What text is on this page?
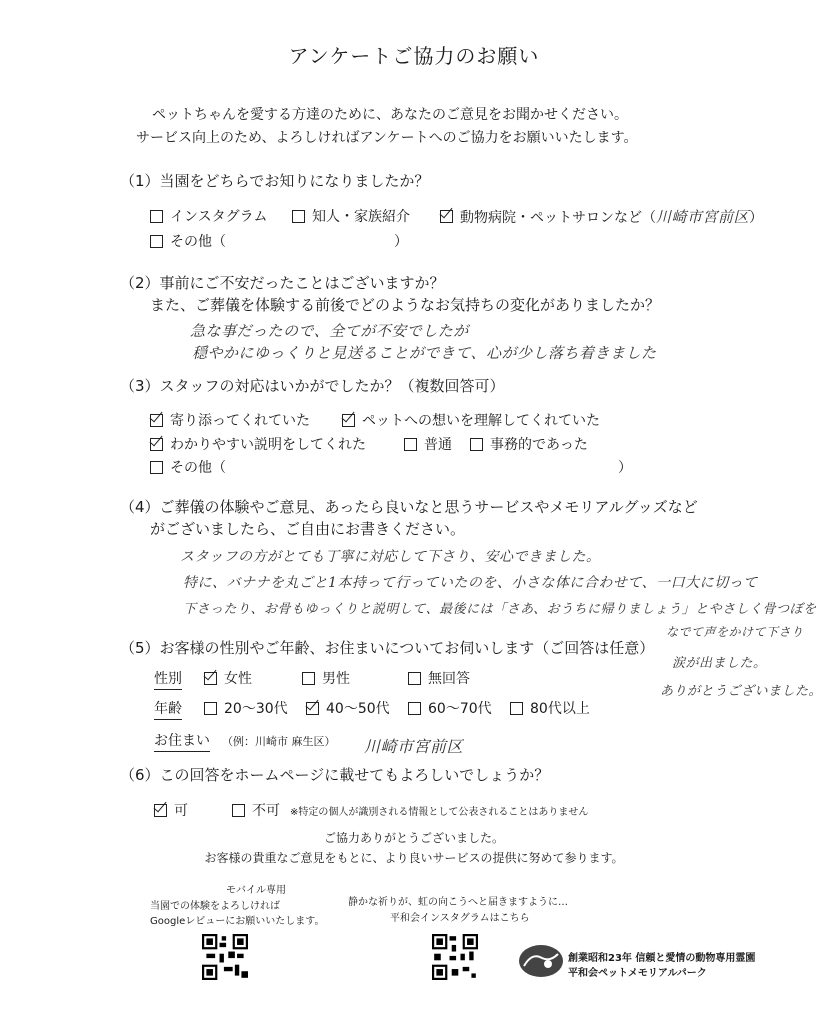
アンケートご協力のお願い
ペットちゃんを愛する方達のために、あなたのご意見をお聞かせください。
サービス向上のため、よろしければアンケートへのご協力をお願いいたします。
（1）当園をどちらでお知りになりましたか？
インスタグラム	知人・家族紹介	動物病院・ペットサロンなど（ 川崎市宮前区 ）
その他（　　　　　　　　　　　　）
（2）事前にご不安だったことはございますか？
また、ご葬儀を体験する前後でどのようなお気持ちの変化がありましたか？
急な事だったので、全てが不安でしたが
穏やかにゆっくりと見送ることができて、心が少し落ち着きました
（3）スタッフの対応はいかがでしたか？（複数回答可）
寄り添ってくれていた	ペットへの想いを理解してくれていた
わかりやすい説明をしてくれた	普通	事務的であった
その他（	）
（4）ご葬儀の体験やご意見、あったら良いなと思うサービスやメモリアルグッズなど
がございましたら、ご自由にお書きください。
スタッフの方がとても丁寧に対応して下さり、安心できました。
特に、バナナを丸ごと1本持って行っていたのを、小さな体に合わせて、一口大に切って
下さったり、お骨もゆっくりと説明して、最後には「さあ、おうちに帰りましょう」とやさしく骨つぼを
なでて声をかけて下さり
涙が出ました。
ありがとうございました。
（5）お客様の性別やご年齢、お住まいについてお伺いします（ご回答は任意）
性別	女性	男性	無回答
年齢	20〜30代	40〜50代	60〜70代	80代以上
お住まい （例：川崎市 麻生区） 川崎市宮前区
（6）この回答をホームページに載せてもよろしいでしょうか？
可	不可 ※特定の個人が識別される情報として公表されることはありません
ご協力ありがとうございました。
お客様の貴重なご意見をもとに、より良いサービスの提供に努めて参ります。
モバイル専用
当園での体験をよろしければ
Googleレビューにお願いいたします。
静かな祈りが、虹の向こうへと届きますように…
平和会インスタグラムはこちら
創業昭和23年 信頼と愛情の動物専用霊園
平和会ペットメモリアルパーク
